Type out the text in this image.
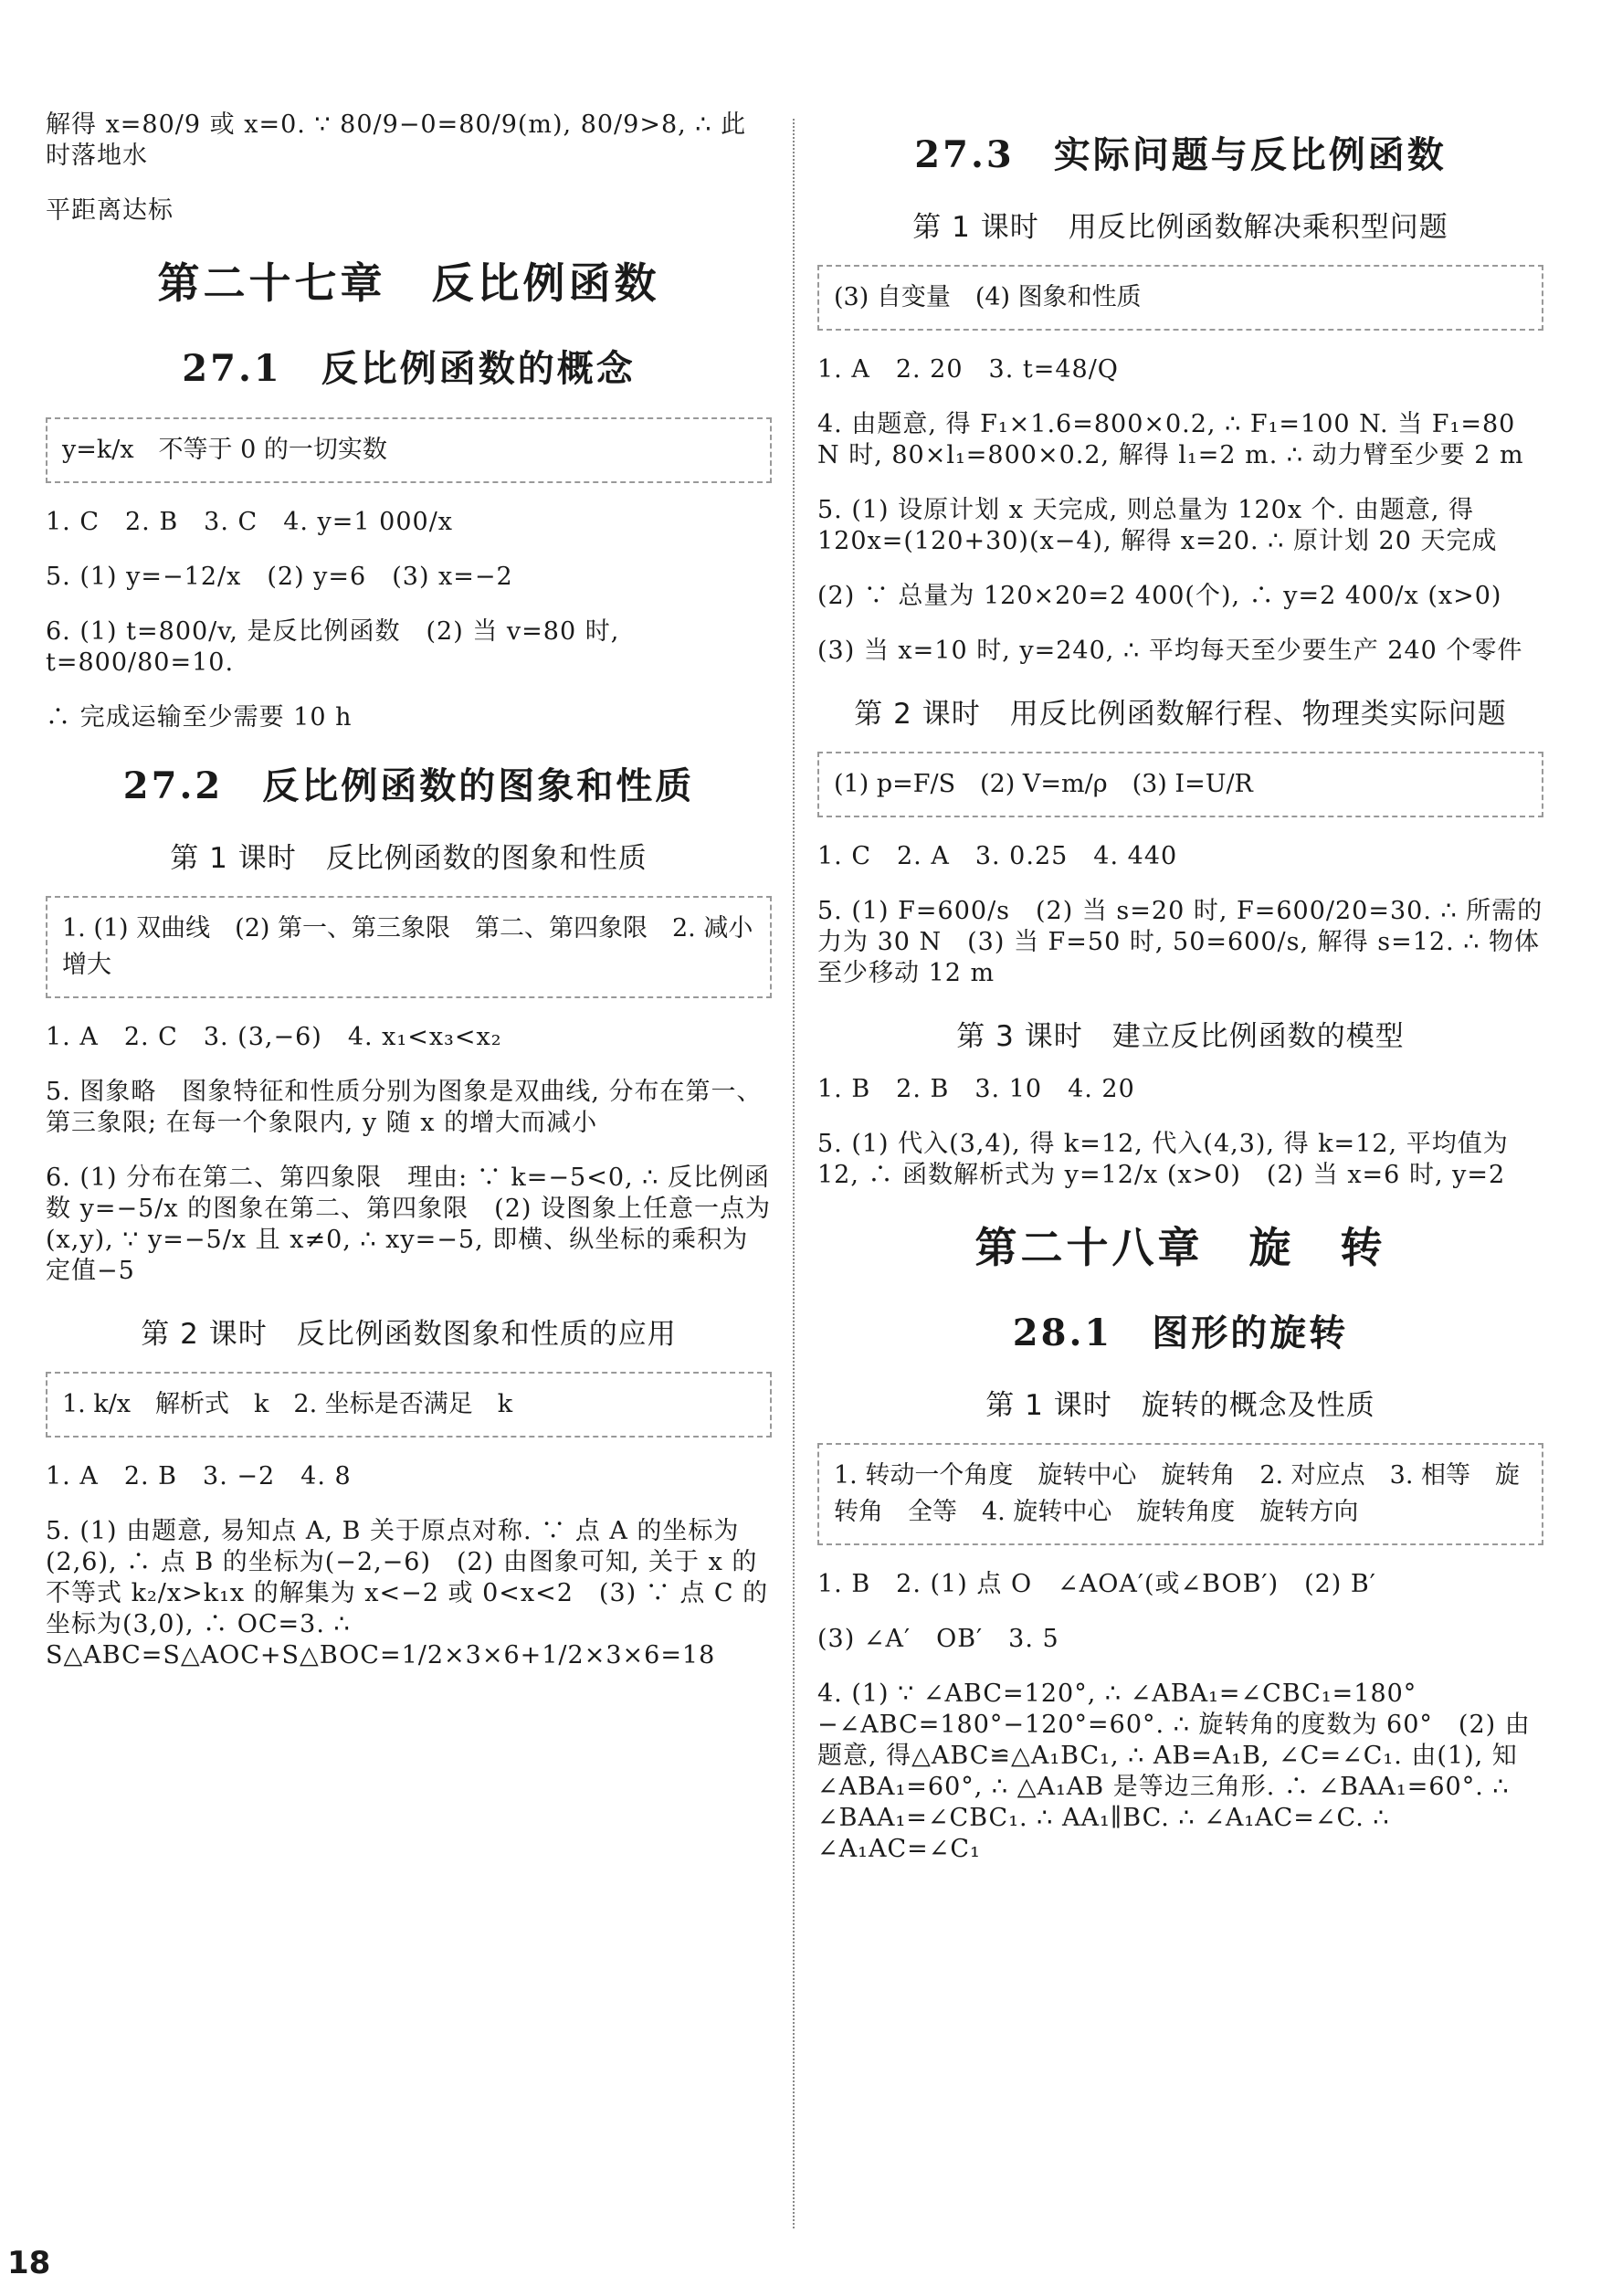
解得 x=80/9 或 x=0. ∵ 80/9−0=80/9(m), 80/9>8, ∴ 此时落地水
平距离达标
第二十七章　反比例函数
27.1　反比例函数的概念
y=k/x　不等于 0 的一切实数
1. C　2. B　3. C　4. y=1 000/x
5. (1) y=−12/x　(2) y=6　(3) x=−2
6. (1) t=800/v, 是反比例函数　(2) 当 v=80 时, t=800/80=10.
∴ 完成运输至少需要 10 h
27.2　反比例函数的图象和性质
第 1 课时　反比例函数的图象和性质
1. (1) 双曲线　(2) 第一、第三象限　第二、第四象限　2. 减小　增大
1. A　2. C　3. (3,−6)　4. x₁<x₃<x₂
5. 图象略　图象特征和性质分别为图象是双曲线, 分布在第一、第三象限; 在每一个象限内, y 随 x 的增大而减小
6. (1) 分布在第二、第四象限　理由: ∵ k=−5<0, ∴ 反比例函数 y=−5/x 的图象在第二、第四象限　(2) 设图象上任意一点为(x,y), ∵ y=−5/x 且 x≠0, ∴ xy=−5, 即横、纵坐标的乘积为定值−5
第 2 课时　反比例函数图象和性质的应用
1. k/x　解析式　k　2. 坐标是否满足　k
1. A　2. B　3. −2　4. 8
5. (1) 由题意, 易知点 A, B 关于原点对称. ∵ 点 A 的坐标为(2,6), ∴ 点 B 的坐标为(−2,−6)　(2) 由图象可知, 关于 x 的不等式 k₂/x>k₁x 的解集为 x<−2 或 0<x<2　(3) ∵ 点 C 的坐标为(3,0), ∴ OC=3. ∴ S△ABC=S△AOC+S△BOC=1/2×3×6+1/2×3×6=18
27.3　实际问题与反比例函数
第 1 课时　用反比例函数解决乘积型问题
(3) 自变量　(4) 图象和性质
1. A　2. 20　3. t=48/Q
4. 由题意, 得 F₁×1.6=800×0.2, ∴ F₁=100 N. 当 F₁=80 N 时, 80×l₁=800×0.2, 解得 l₁=2 m. ∴ 动力臂至少要 2 m
5. (1) 设原计划 x 天完成, 则总量为 120x 个. 由题意, 得 120x=(120+30)(x−4), 解得 x=20. ∴ 原计划 20 天完成
(2) ∵ 总量为 120×20=2 400(个), ∴ y=2 400/x (x>0)
(3) 当 x=10 时, y=240, ∴ 平均每天至少要生产 240 个零件
第 2 课时　用反比例函数解行程、物理类实际问题
(1) p=F/S　(2) V=m/ρ　(3) I=U/R
1. C　2. A　3. 0.25　4. 440
5. (1) F=600/s　(2) 当 s=20 时, F=600/20=30. ∴ 所需的力为 30 N　(3) 当 F=50 时, 50=600/s, 解得 s=12. ∴ 物体至少移动 12 m
第 3 课时　建立反比例函数的模型
1. B　2. B　3. 10　4. 20
5. (1) 代入(3,4), 得 k=12, 代入(4,3), 得 k=12, 平均值为 12, ∴ 函数解析式为 y=12/x (x>0)　(2) 当 x=6 时, y=2
第二十八章　旋　转
28.1　图形的旋转
第 1 课时　旋转的概念及性质
1. 转动一个角度　旋转中心　旋转角　2. 对应点　3. 相等　旋转角　全等　4. 旋转中心　旋转角度　旋转方向
1. B　2. (1) 点 O　∠AOA′(或∠BOB′)　(2) B′
(3) ∠A′　OB′　3. 5
4. (1) ∵ ∠ABC=120°, ∴ ∠ABA₁=∠CBC₁=180°−∠ABC=180°−120°=60°. ∴ 旋转角的度数为 60°　(2) 由题意, 得△ABC≌△A₁BC₁, ∴ AB=A₁B, ∠C=∠C₁. 由(1), 知 ∠ABA₁=60°, ∴ △A₁AB 是等边三角形. ∴ ∠BAA₁=60°. ∴ ∠BAA₁=∠CBC₁. ∴ AA₁∥BC. ∴ ∠A₁AC=∠C. ∴ ∠A₁AC=∠C₁
18
